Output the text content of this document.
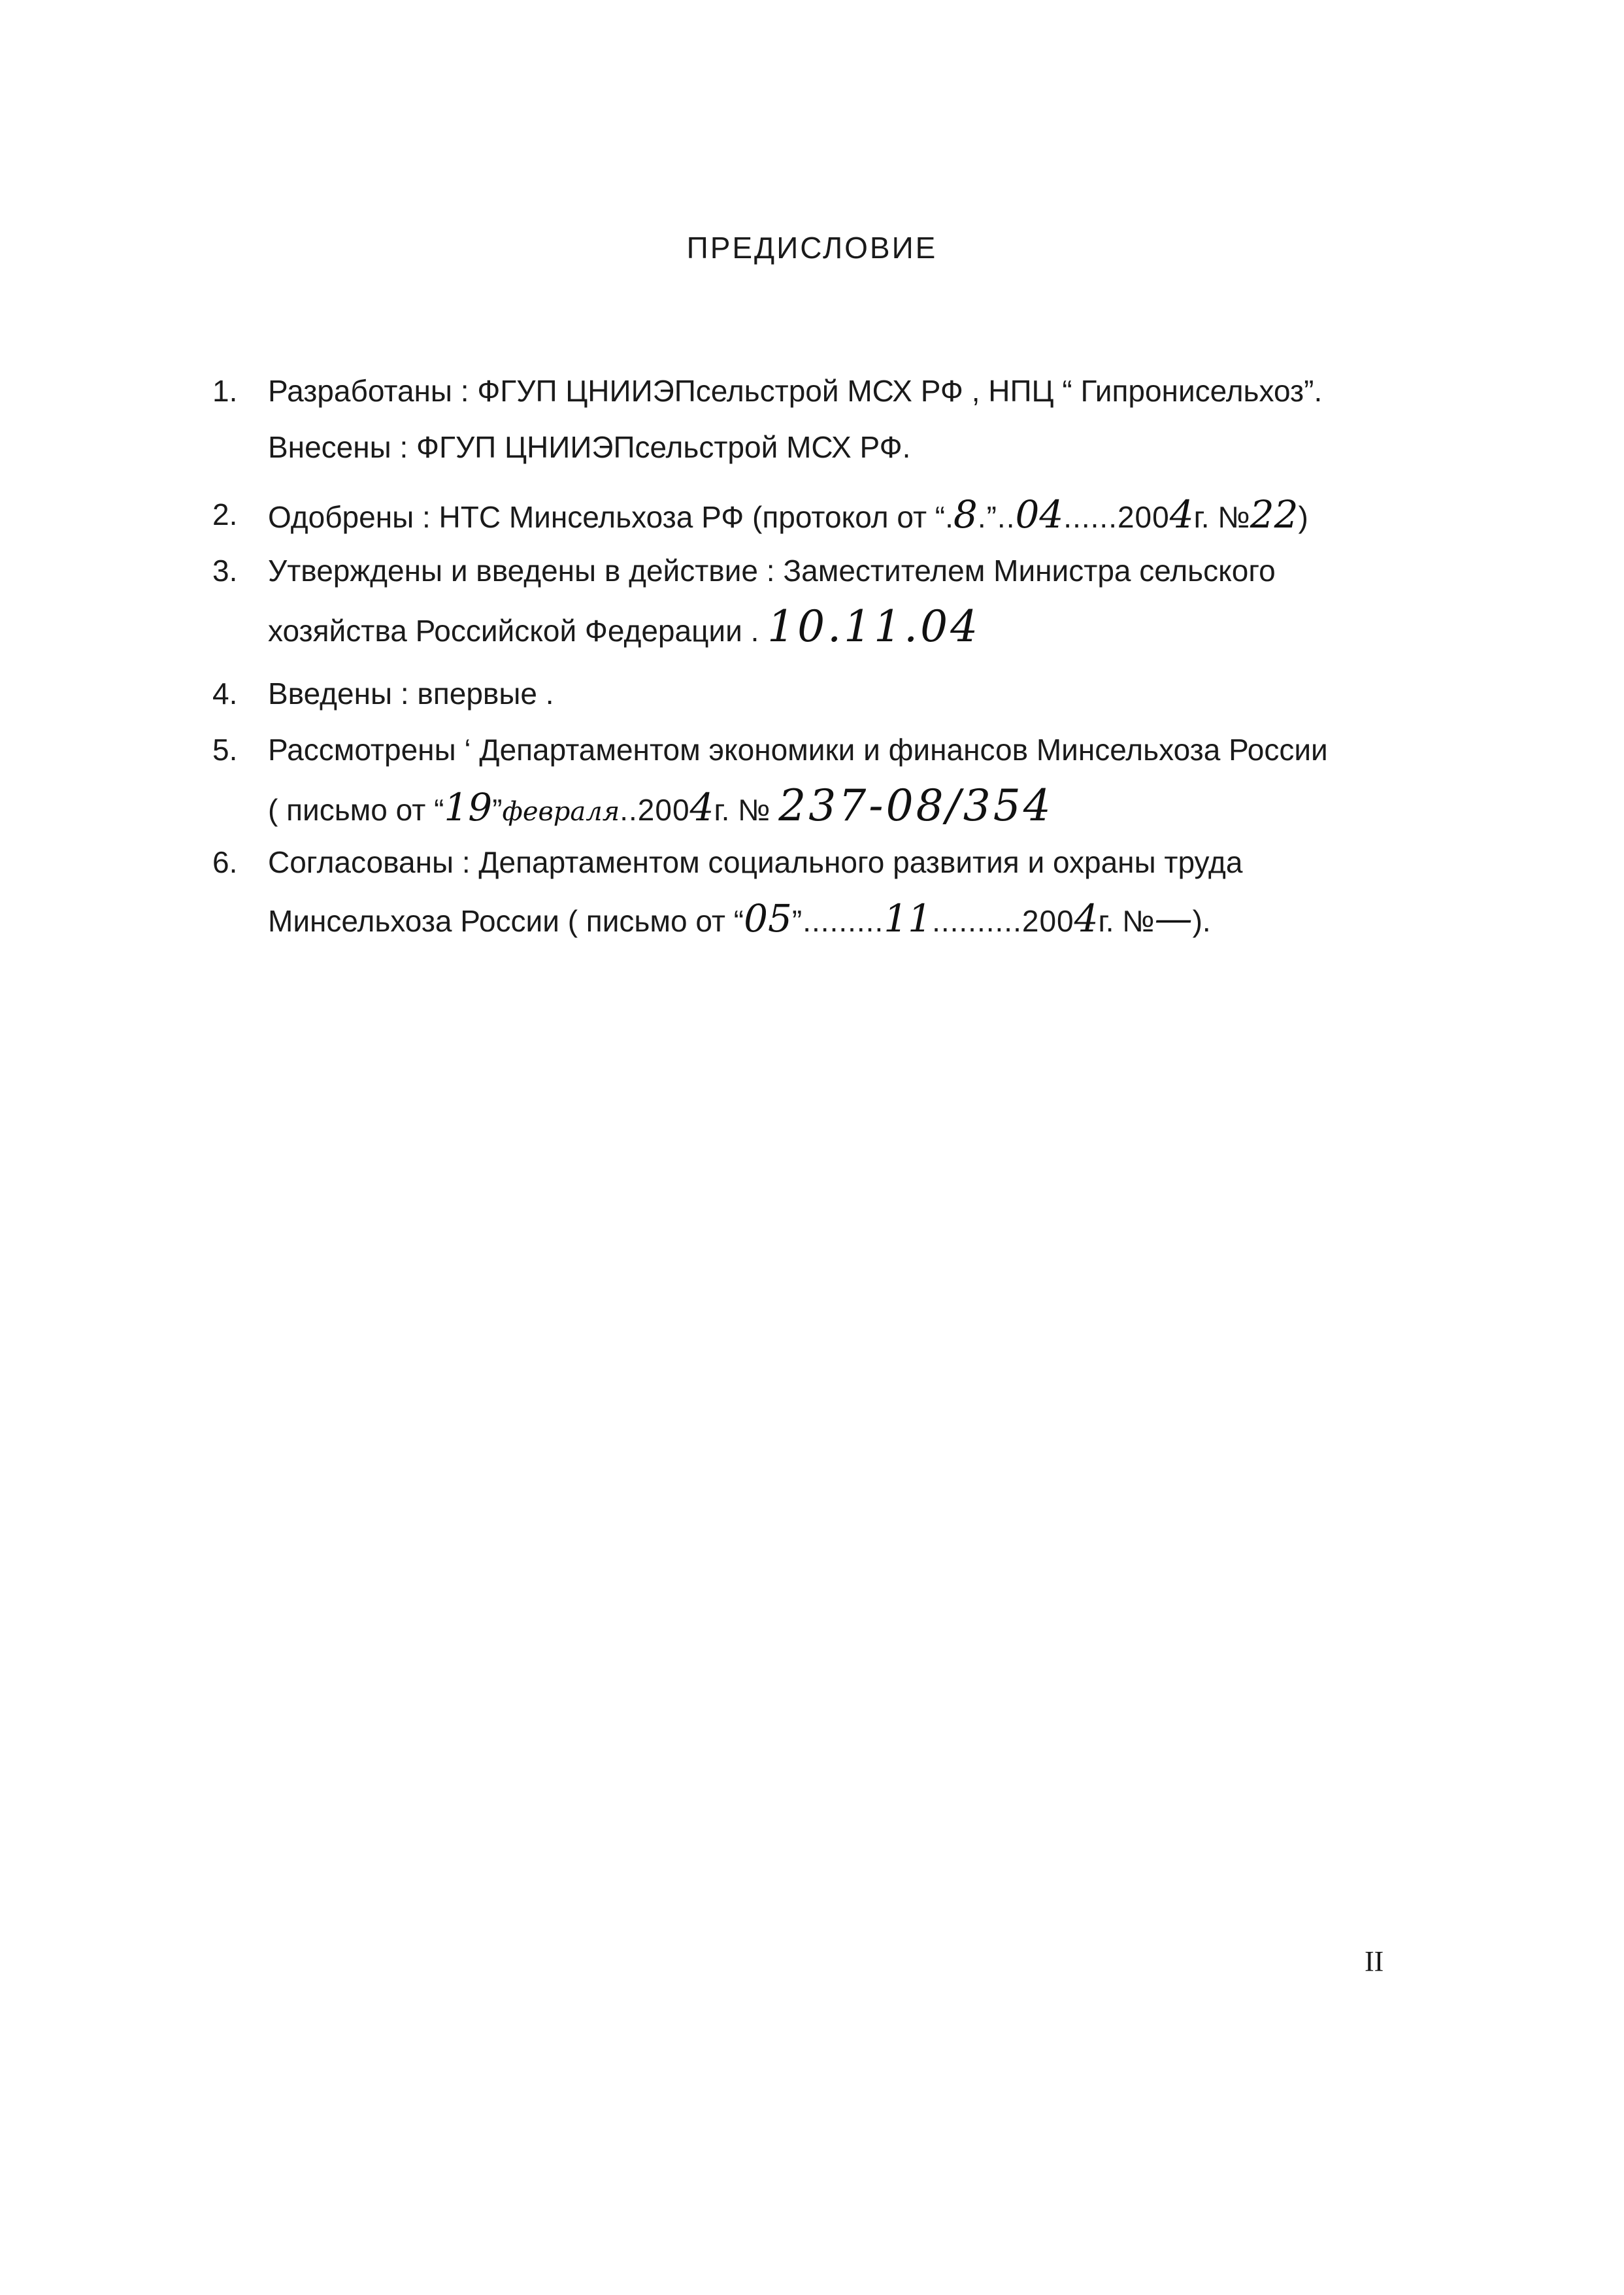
ПРЕДИСЛОВИЕ
1.	Разработаны : ФГУП ЦНИИЭПсельстрой МСХ РФ , НПЦ “ Гипронисельхоз”.
Внесены : ФГУП ЦНИИЭПсельстрой МСХ РФ.
2.	Одобрены : НТС Минсельхоза РФ (протокол от “.8.”..04......2004г. №22)
3.	Утверждены и введены в действие : Заместителем Министра сельского
хозяйства Российской Федерации . 10.11.04
4.	Введены : впервые .
5.	Рассмотрены ‘ Департаментом экономики и финансов Минсельхоза России
( письмо от “19”февраля..2004г. № 237-08/354
6.	Согласованы : Департаментом социального развития и охраны труда
Минсельхоза России ( письмо от “05”.........11..........2004г. №—).
II
